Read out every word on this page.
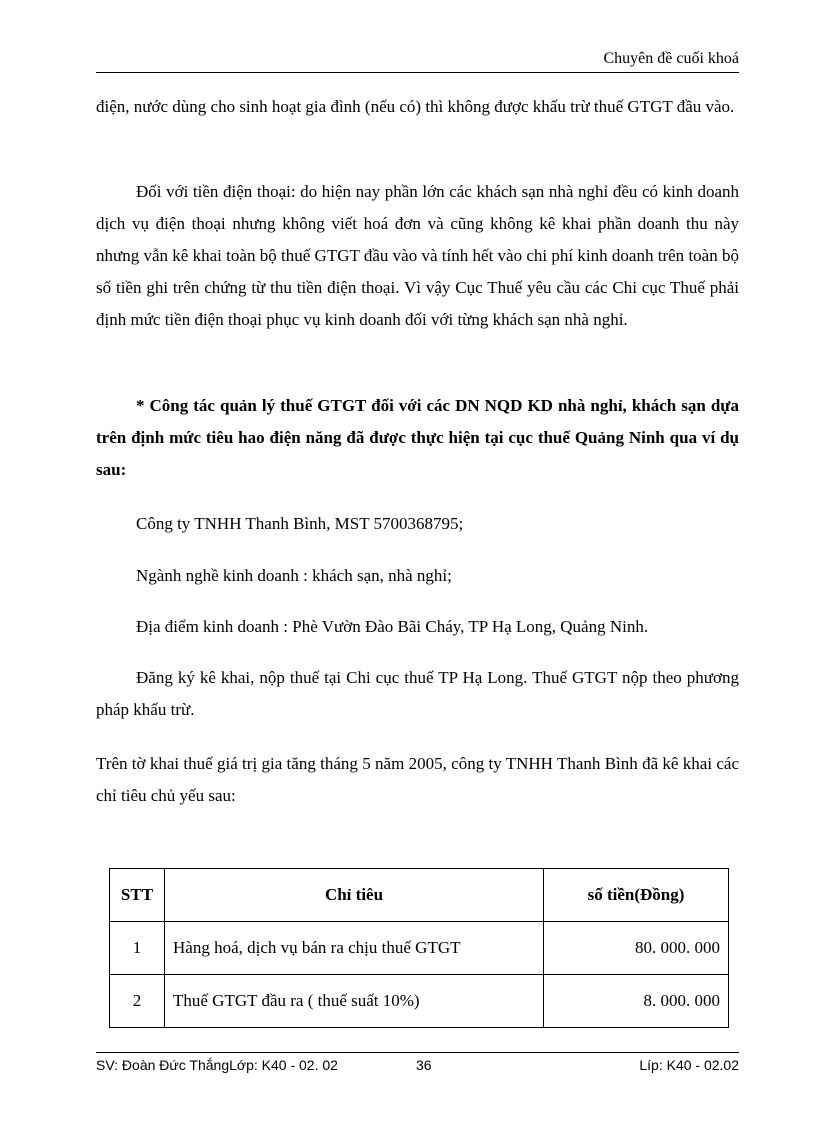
Chuyên đề cuối khoá

điện, nước dùng cho sinh hoạt gia đình (nếu có) thì không được khấu trừ thuế GTGT đầu vào.

Đối với tiền điện thoại: do hiện nay phần lớn các khách sạn nhà nghỉ đều có kinh doanh dịch vụ điện thoại nhưng không viết hoá đơn và cũng không kê khai phần doanh thu này nhưng vẫn kê khai toàn bộ thuế GTGT đầu vào và tính hết vào chi phí kinh doanh trên toàn bộ số tiền ghi trên chứng từ thu tiền điện thoại. Vì vậy Cục Thuế yêu cầu các Chi cục Thuế phải định mức tiền điện thoại phục vụ kinh doanh đối với từng khách sạn nhà nghỉ.

* Công tác quản lý thuế GTGT đối với các DN NQD KD nhà nghỉ, khách sạn dựa trên định mức tiêu hao điện năng đã được thực hiện tại cục thuế Quảng Ninh qua ví dụ sau:

Công ty TNHH Thanh Bình, MST 5700368795;

Ngành nghề kinh doanh : khách sạn, nhà nghỉ;

Địa điểm kinh doanh : Phè Vườn Đào Bãi Cháy, TP Hạ Long, Quảng Ninh.

Đăng ký kê khai, nộp thuế tại Chi cục thuế TP Hạ Long. Thuế GTGT nộp theo phương pháp khấu trừ.

Trên tờ khai thuế giá trị gia tăng tháng 5 năm 2005, công ty TNHH Thanh Bình đã kê khai các chỉ tiêu chủ yếu sau:

STT	Chỉ tiêu	số tiền(Đồng)
1	Hàng hoá, dịch vụ bán ra chịu thuế GTGT	80. 000. 000
2	Thuế GTGT đầu ra ( thuế suất 10%)	8. 000. 000
SV: Đoàn Đức ThắngLớp: K40 - 02. 02	36	Líp: K40 - 02.02
